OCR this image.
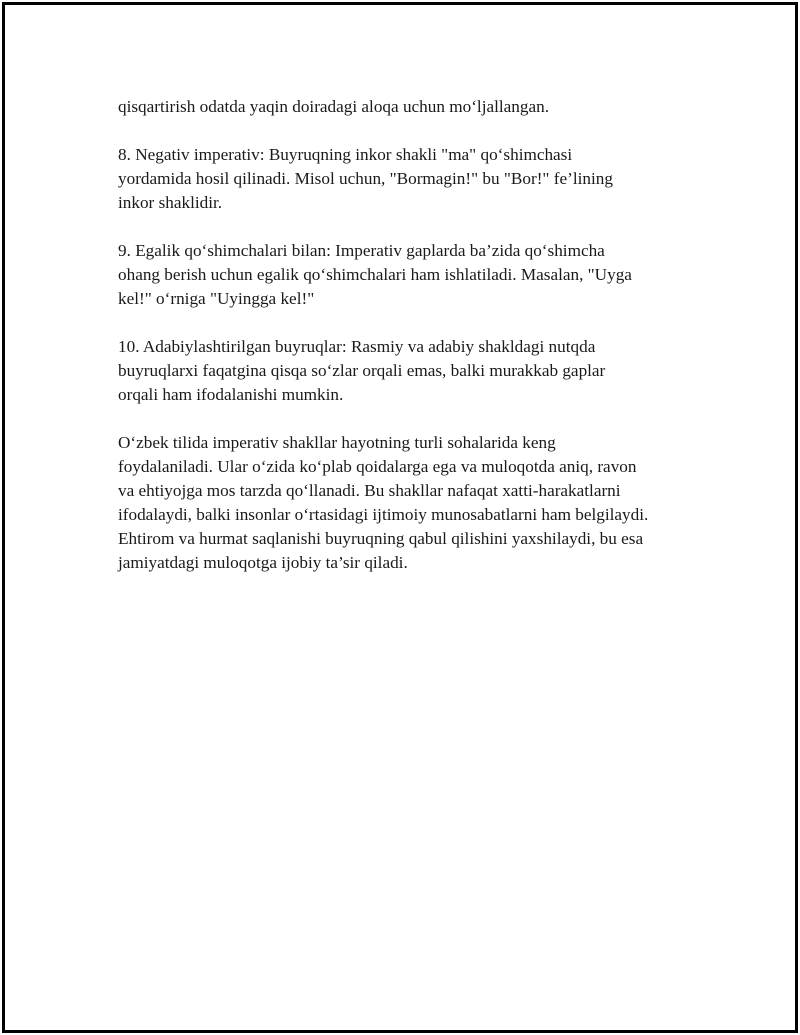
qisqartirish odatda yaqin doiradagi aloqa uchun mo‘ljallangan.

8. Negativ imperativ: Buyruqning inkor shakli "ma" qo‘shimchasi
yordamida hosil qilinadi. Misol uchun, "Bormagin!" bu "Bor!" fe’lining
inkor shaklidir.

9. Egalik qo‘shimchalari bilan: Imperativ gaplarda ba’zida qo‘shimcha
ohang berish uchun egalik qo‘shimchalari ham ishlatiladi. Masalan, "Uyga
kel!" o‘rniga "Uyingga kel!"

10. Adabiylashtirilgan buyruqlar: Rasmiy va adabiy shakldagi nutqda
buyruqlarxi faqatgina qisqa so‘zlar orqali emas, balki murakkab gaplar
orqali ham ifodalanishi mumkin.

O‘zbek tilida imperativ shakllar hayotning turli sohalarida keng
foydalaniladi. Ular o‘zida ko‘plab qoidalarga ega va muloqotda aniq, ravon
va ehtiyojga mos tarzda qo‘llanadi. Bu shakllar nafaqat xatti-harakatlarni
ifodalaydi, balki insonlar o‘rtasidagi ijtimoiy munosabatlarni ham belgilaydi.
Ehtirom va hurmat saqlanishi buyruqning qabul qilishini yaxshilaydi, bu esa
jamiyatdagi muloqotga ijobiy ta’sir qiladi.
